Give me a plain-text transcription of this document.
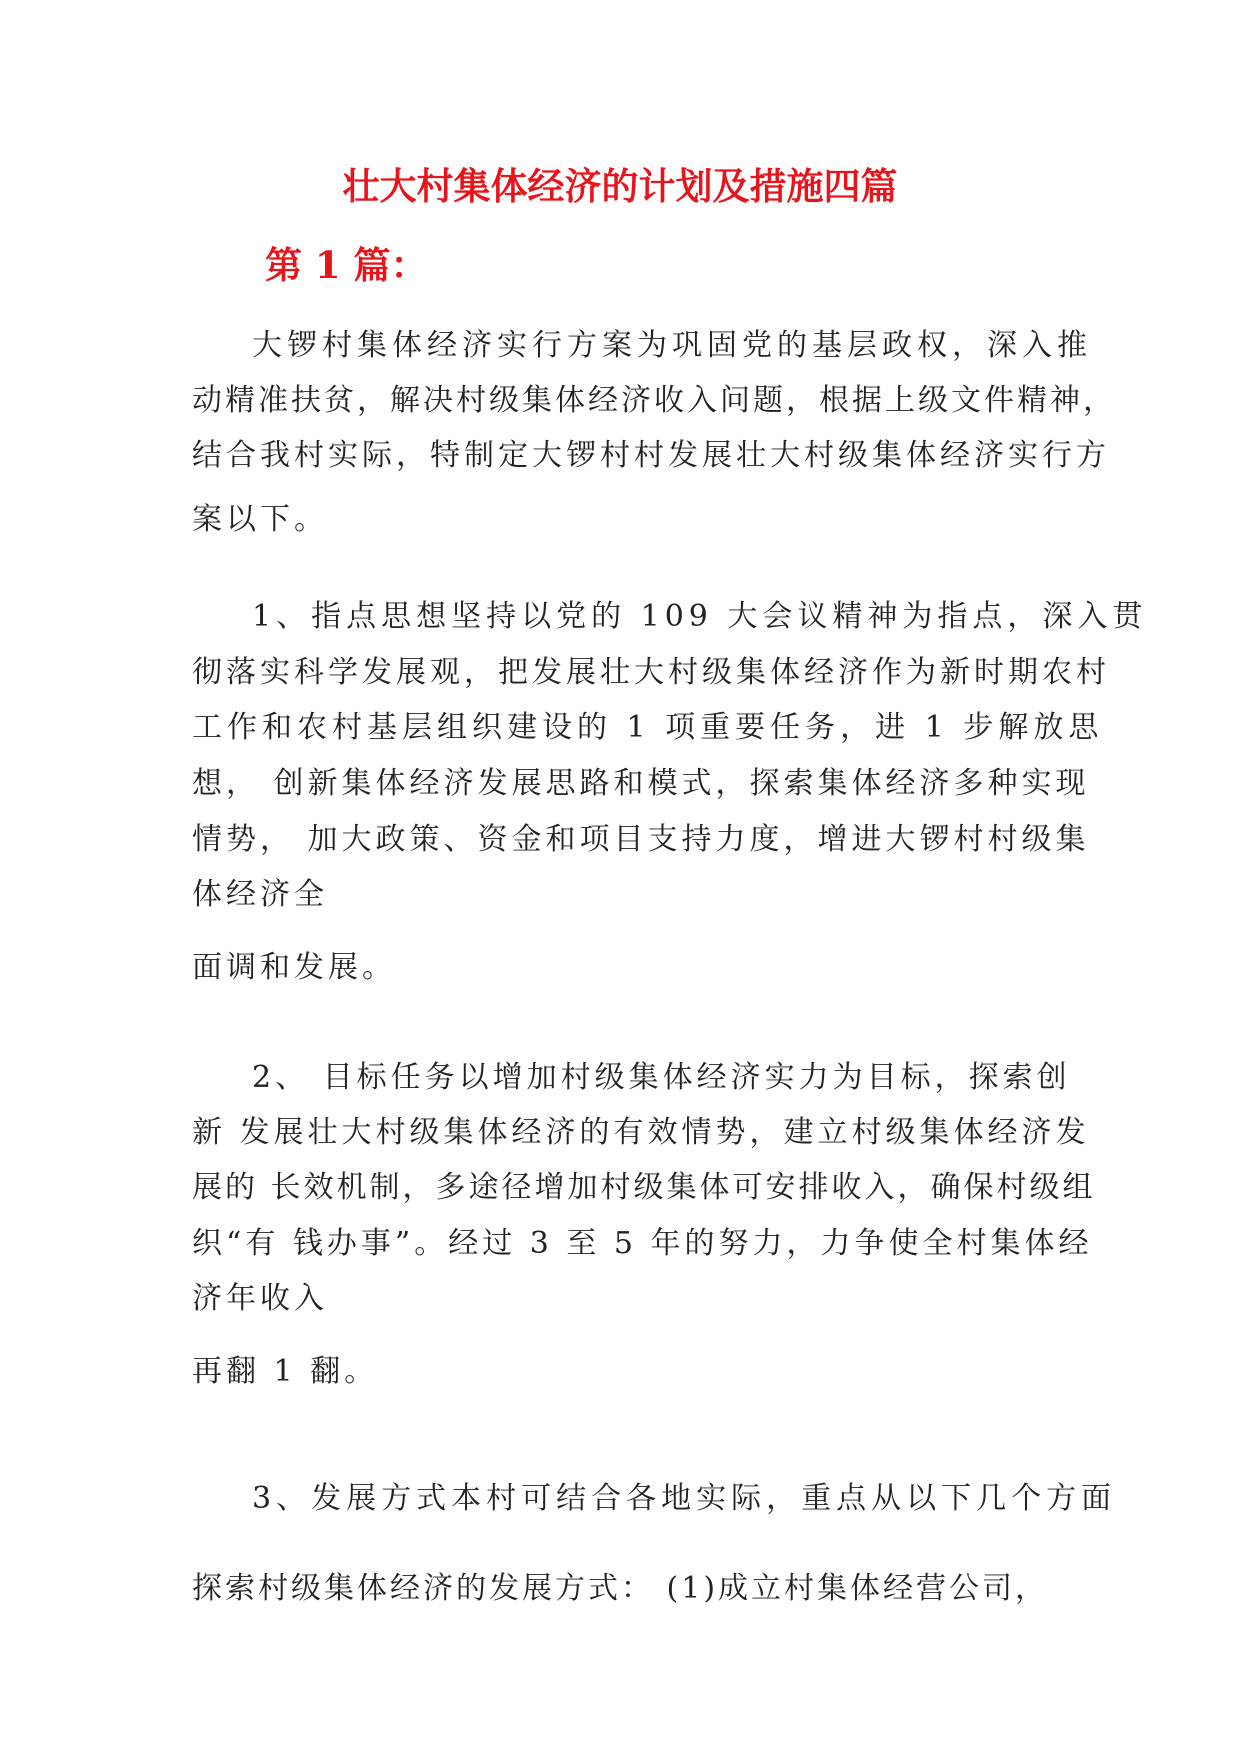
壮大村集体经济的计划及措施四篇
第 1 篇：
大锣村集体经济实行方案为巩固党的基层政权，深入推
动精准扶贫，解决村级集体经济收入问题，根据上级文件精神，
结合我村实际，特制定大锣村村发展壮大村级集体经济实行方
案以下。
1、指点思想坚持以党的 109 大会议精神为指点，深入贯
彻落实科学发展观，把发展壮大村级集体经济作为新时期农村
工作和农村基层组织建设的 1 项重要任务，进 1 步解放思
想， 创新集体经济发展思路和模式，探索集体经济多种实现
情势， 加大政策、资金和项目支持力度，增进大锣村村级集
体经济全
面调和发展。
2、 目标任务以增加村级集体经济实力为目标，探索创
新 发展壮大村级集体经济的有效情势，建立村级集体经济发
展的 长效机制，多途径增加村级集体可安排收入，确保村级组
织“有 钱办事”。经过 3 至 5 年的努力，力争使全村集体经
济年收入
再翻 1 翻。
3、发展方式本村可结合各地实际，重点从以下几个方面
探索村级集体经济的发展方式： (1)成立村集体经营公司，
